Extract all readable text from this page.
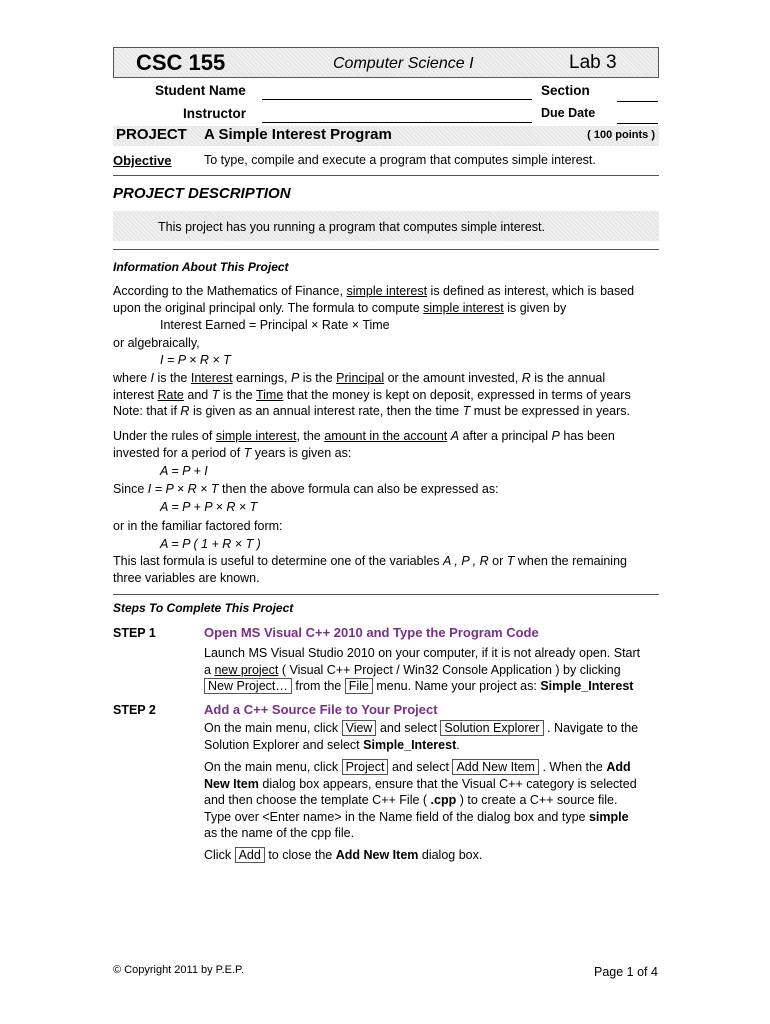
CSC 155	Computer Science I	Lab 3
Student Name	Section
Instructor	Due Date
PROJECT A Simple Interest Program	( 100 points )
Objective	To type, compile and execute a program that computes simple interest.
PROJECT DESCRIPTION
This project has you running a program that computes simple interest.
Information About This Project
According to the Mathematics of Finance, simple interest is defined as interest, which is based
upon the original principal only. The formula to compute simple interest is given by
Interest Earned = Principal × Rate × Time
or algebraically,
I = P × R × T
where I is the Interest earnings, P is the Principal or the amount invested, R is the annual
interest Rate and T is the Time that the money is kept on deposit, expressed in terms of years
Note: that if R is given as an annual interest rate, then the time T must be expressed in years.
Under the rules of simple interest, the amount in the account A after a principal P has been
invested for a period of T years is given as:
A = P + I
Since I = P × R × T then the above formula can also be expressed as:
A = P + P × R × T
or in the familiar factored form:
A = P ( 1 + R × T )
This last formula is useful to determine one of the variables A , P , R or T when the remaining
three variables are known.
Steps To Complete This Project
STEP 1	Open MS Visual C++ 2010 and Type the Program Code
Launch MS Visual Studio 2010 on your computer, if it is not already open. Start
a new project ( Visual C++ Project / Win32 Console Application ) by clicking
New Project… from the File menu. Name your project as: Simple_Interest
STEP 2	Add a C++ Source File to Your Project
On the main menu, click View and select Solution Explorer . Navigate to the
Solution Explorer and select Simple_Interest.
On the main menu, click Project and select Add New Item . When the Add
New Item dialog box appears, ensure that the Visual C++ category is selected
and then choose the template C++ File ( .cpp ) to create a C++ source file.
Type over <Enter name> in the Name field of the dialog box and type simple
as the name of the cpp file.
Click Add to close the Add New Item dialog box.
© Copyright 2011 by P.E.P.	Page 1 of 4
